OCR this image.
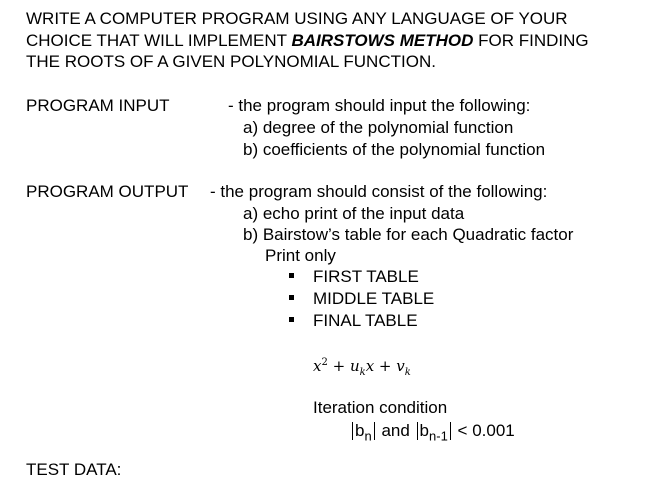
WRITE A COMPUTER PROGRAM USING ANY LANGUAGE OF YOUR
CHOICE THAT WILL IMPLEMENT BAIRSTOWS METHOD FOR FINDING
THE ROOTS OF A GIVEN POLYNOMIAL FUNCTION.
PROGRAM INPUT	- the program should input the following:
a) degree of the polynomial function
b) coefficients of the polynomial function
PROGRAM OUTPUT - the program should consist of the following:
a) echo print of the input data
b) Bairstow’s table for each Quadratic factor
Print only
FIRST TABLE
MIDDLE TABLE
FINAL TABLE
$x^2 + u_kx + v_k$
Iteration condition
$b_n$ and $b_{n-1} < 0.001$
TEST DATA:
